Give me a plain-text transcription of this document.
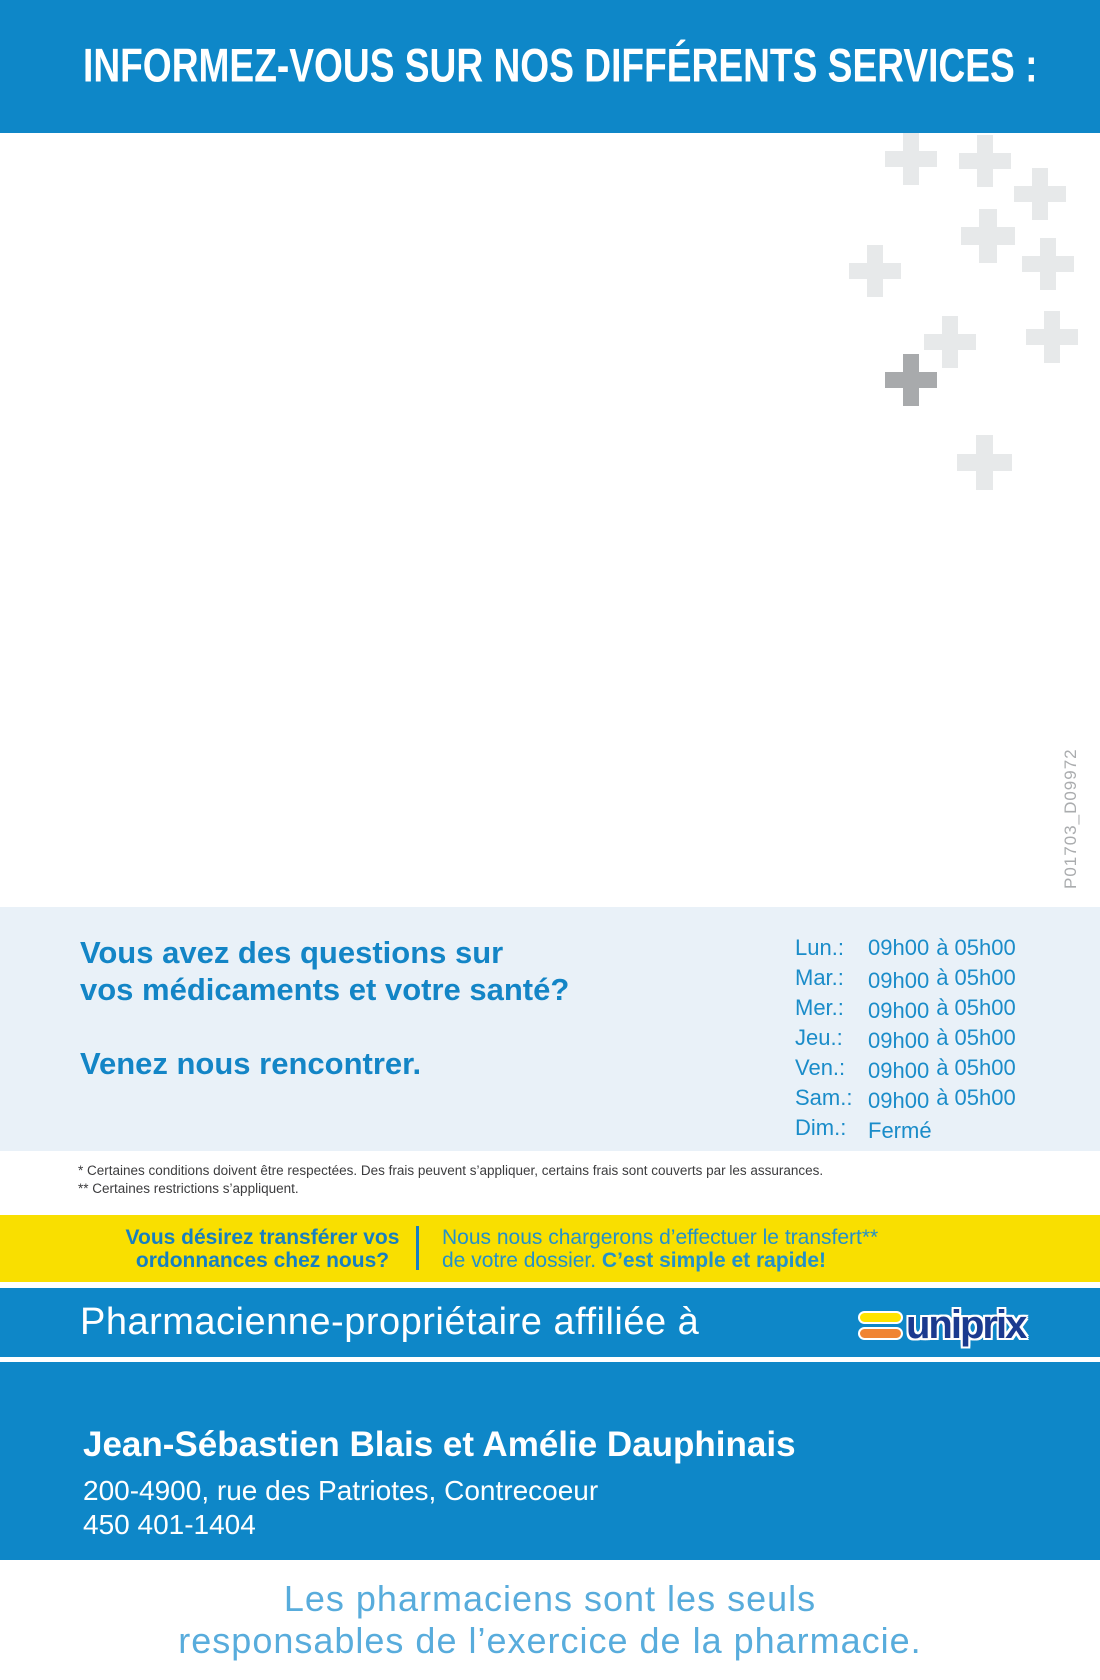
INFORMEZ-VOUS SUR NOS DIFFÉRENTS SERVICES :
P01703_D09972

Vous avez des questions sur

vos médicaments et votre santé?

Venez nous rencontrer.

Lun.:	09h00 à 05h00
Mar.:	09h00 à 05h00
Mer.:	09h00 à 05h00
Jeu.:	09h00 à 05h00
Ven.:	09h00 à 05h00
Sam.: 09h00 à 05h00
Dim.: Fermé

* Certaines conditions doivent être respectées. Des frais peuvent s’appliquer, certains frais sont couverts par les assurances.

** Certaines restrictions s’appliquent.

Vous désirez transférer vos

ordonnances chez nous?

Nous nous chargerons d’effectuer le transfert**

de votre dossier. C’est simple et rapide!

Pharmacienne-propriétaire affiliée à	uniprix
Jean-Sébastien Blais et Amélie Dauphinais

200-4900, rue des Patriotes, Contrecoeur

450 401-1404

Les pharmaciens sont les seuls

responsables de l’exercice de la pharmacie.
